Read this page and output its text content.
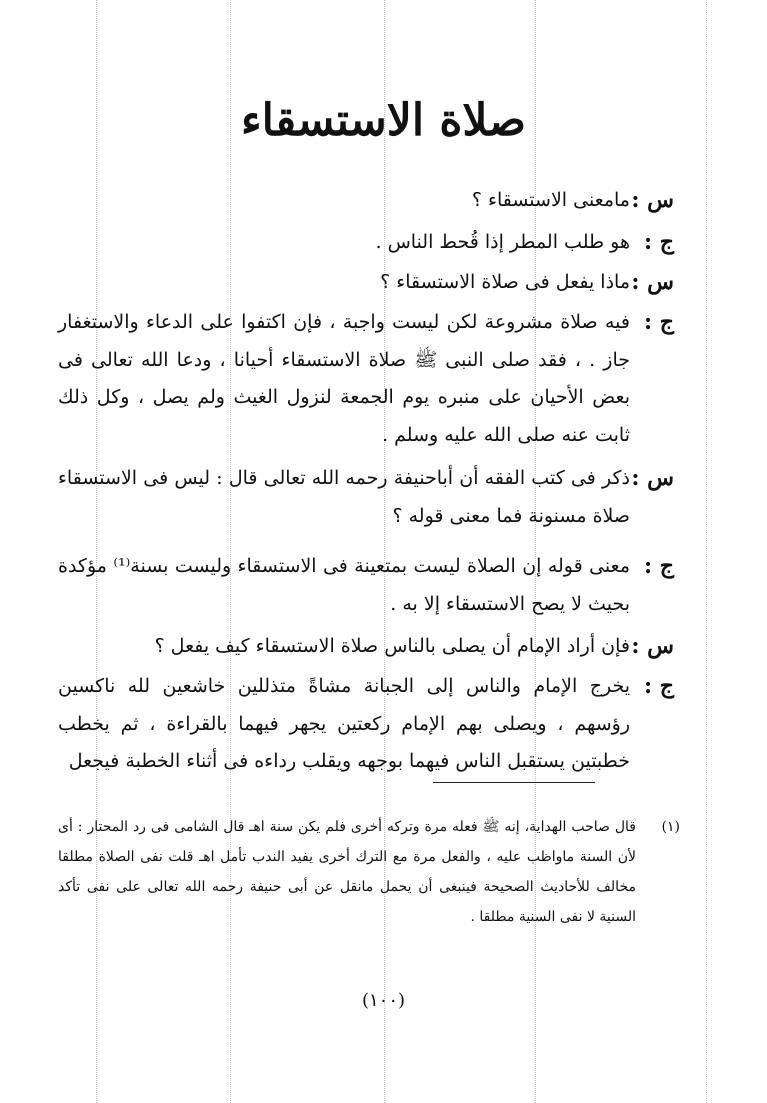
صلاة الاستسقاء
س :
مامعنى الاستسقاء ؟
ج :
هو طلب المطر إذا قُحط الناس .
س :
ماذا يفعل فى صلاة الاستسقاء ؟
ج :
فيه صلاة مشروعة لكن ليست واجبة ، فإن اكتفوا على الدعاء والاستغفار جاز . ، فقد صلى النبى ﷺ صلاة الاستسقاء أحيانا ، ودعا الله تعالى فى بعض الأحيان على منبره يوم الجمعة لنزول الغيث ولم يصل ، وكل ذلك ثابت عنه صلى الله عليه وسلم .
س :
ذكر فى كتب الفقه أن أباحنيفة رحمه الله تعالى قال : ليس فى الاستسقاء صلاة مسنونة فما معنى قوله ؟
ج :
معنى قوله إن الصلاة ليست بمتعينة فى الاستسقاء وليست بسنة⁽¹⁾ مؤكدة بحيث لا يصح الاستسقاء إلا به .
س :
فإن أراد الإمام أن يصلى بالناس صلاة الاستسقاء كيف يفعل ؟
ج :
يخرج الإمام والناس إلى الجبانة مشاةً متذللين خاشعين لله ناكسين رؤسهم ، ويصلى بهم الإمام ركعتين يجهر فيهما بالقراءة ، ثم يخطب خطبتين يستقبل الناس فيهما بوجهه ويقلب رداءه فى أثناء الخطبة فيجعل
(١)
قال صاحب الهداية، إنه ﷺ فعله مرة وتركه أخرى فلم يكن سنة اهـ قال الشامى فى رد المحتار : أى لأن السنة ماواظب عليه ، والفعل مرة مع الترك أخرى يفيد الندب تأمل اهـ قلت نفى الصلاة مطلقا مخالف للأحاديث الصحيحة فينبغى أن يحمل مانقل عن أبى حنيفة رحمه الله تعالى على نفى تأكد السنية لا نفى السنية مطلقا .
(١٠٠)
